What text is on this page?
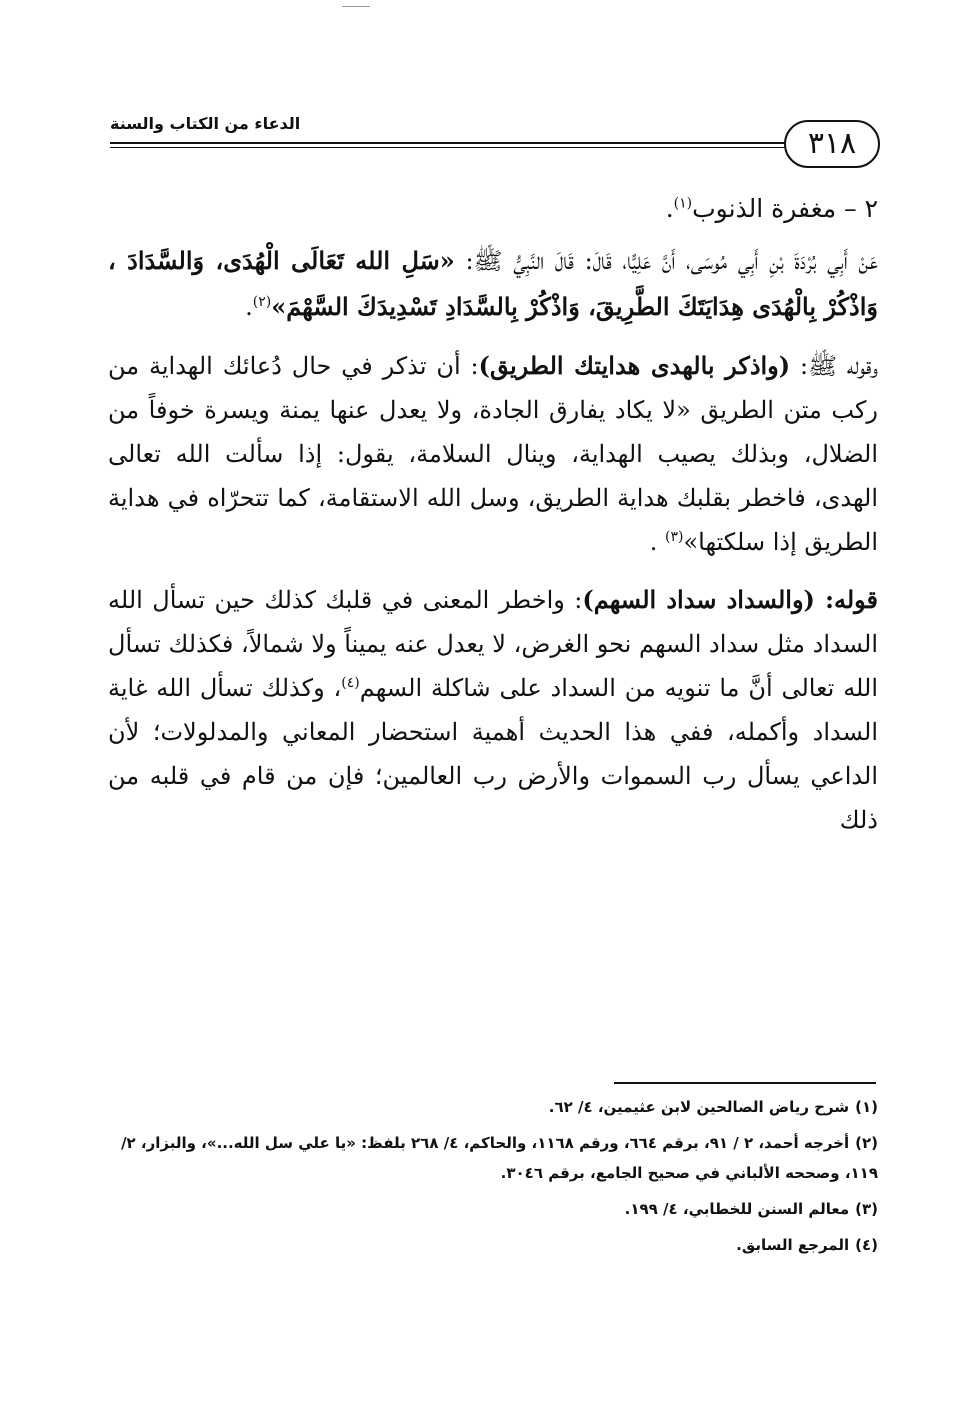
الدعاء من الكتاب والسنة
٣١٨

٢ – مغفرة الذنوب$^{(١)}$.

عَنْ أَبِي بُرْدَةَ بْنِ أَبِي مُوسَى، أَنَّ عَلِيًّا، قَالَ: قَالَ النَّبِيُّ ﷺ: «سَلِ الله تَعَالَى الْهُدَى، وَالسَّدَادَ ، وَاذْكُرْ بِالْهُدَى هِدَايَتَكَ الطَّرِيقَ، وَاذْكُرْ بِالسَّدَادِ تَسْدِيدَكَ السَّهْمَ»$^{(٢)}$.

وقوله ﷺ: (واذكر بالهدى هدايتك الطريق): أن تذكر في حال دُعائك الهداية من ركب متن الطريق «لا يكاد يفارق الجادة، ولا يعدل عنها يمنة ويسرة خوفاً من الضلال، وبذلك يصيب الهداية، وينال السلامة، يقول: إذا سألت الله تعالى الهدى، فاخطر بقلبك هداية الطريق، وسل الله الاستقامة، كما تتحرّاه في هداية الطريق إذا سلكتها»$^{(٣)}$ .

قوله: (والسداد سداد السهم): واخطر المعنى في قلبك كذلك حين تسأل الله السداد مثل سداد السهم نحو الغرض، لا يعدل عنه يميناً ولا شمالاً، فكذلك تسأل الله تعالى أنَّ ما تنويه من السداد على شاكلة السهم$^{(٤)}$، وكذلك تسأل الله غاية السداد وأكمله، ففي هذا الحديث أهمية استحضار المعاني والمدلولات؛ لأن الداعي يسأل رب السموات والأرض رب العالمين؛ فإن من قام في قلبه من ذلك

(١)شرح رياض الصالحين لابن عثيمين، ٤/ ٦٢.
(٢)أخرجه أحمد، ٢ / ٩١، برقم ٦٦٤، ورقم ١١٦٨، والحاكم، ٤/ ٢٦٨ بلفظ: «يا علي سل الله...»، والبزار، ٢/ ١١٩، وصححه الألباني في صحيح الجامع، برقم ٣٠٤٦.
(٣)معالم السنن للخطابي، ٤/ ١٩٩.
(٤)المرجع السابق.
